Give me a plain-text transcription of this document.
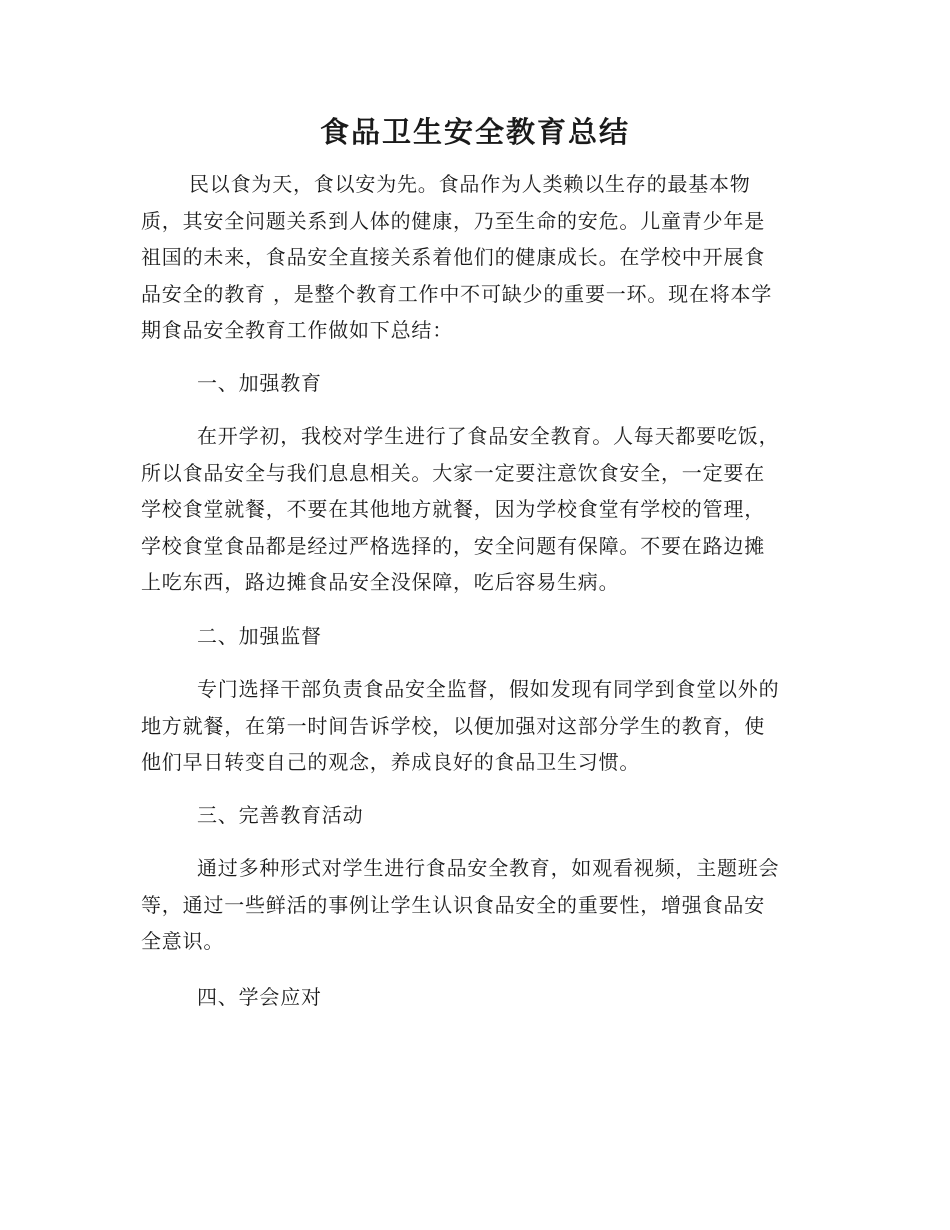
食品卫生安全教育总结
民以食为天，食以安为先。食品作为人类赖以生存的最基本物
质，其安全问题关系到人体的健康，乃至生命的安危。儿童青少年是
祖国的未来，食品安全直接关系着他们的健康成长。在学校中开展食
品安全的教育 ，是整个教育工作中不可缺少的重要一环。现在将本学
期食品安全教育工作做如下总结：

一、加强教育

在开学初，我校对学生进行了食品安全教育。人每天都要吃饭，
所以食品安全与我们息息相关。大家一定要注意饮食安全，一定要在
学校食堂就餐，不要在其他地方就餐，因为学校食堂有学校的管理，
学校食堂食品都是经过严格选择的，安全问题有保障。不要在路边摊
上吃东西，路边摊食品安全没保障，吃后容易生病。

二、加强监督

专门选择干部负责食品安全监督，假如发现有同学到食堂以外的
地方就餐，在第一时间告诉学校，以便加强对这部分学生的教育，使
他们早日转变自己的观念，养成良好的食品卫生习惯。

三、完善教育活动

通过多种形式对学生进行食品安全教育，如观看视频，主题班会
等，通过一些鲜活的事例让学生认识食品安全的重要性，增强食品安
全意识。

四、学会应对
